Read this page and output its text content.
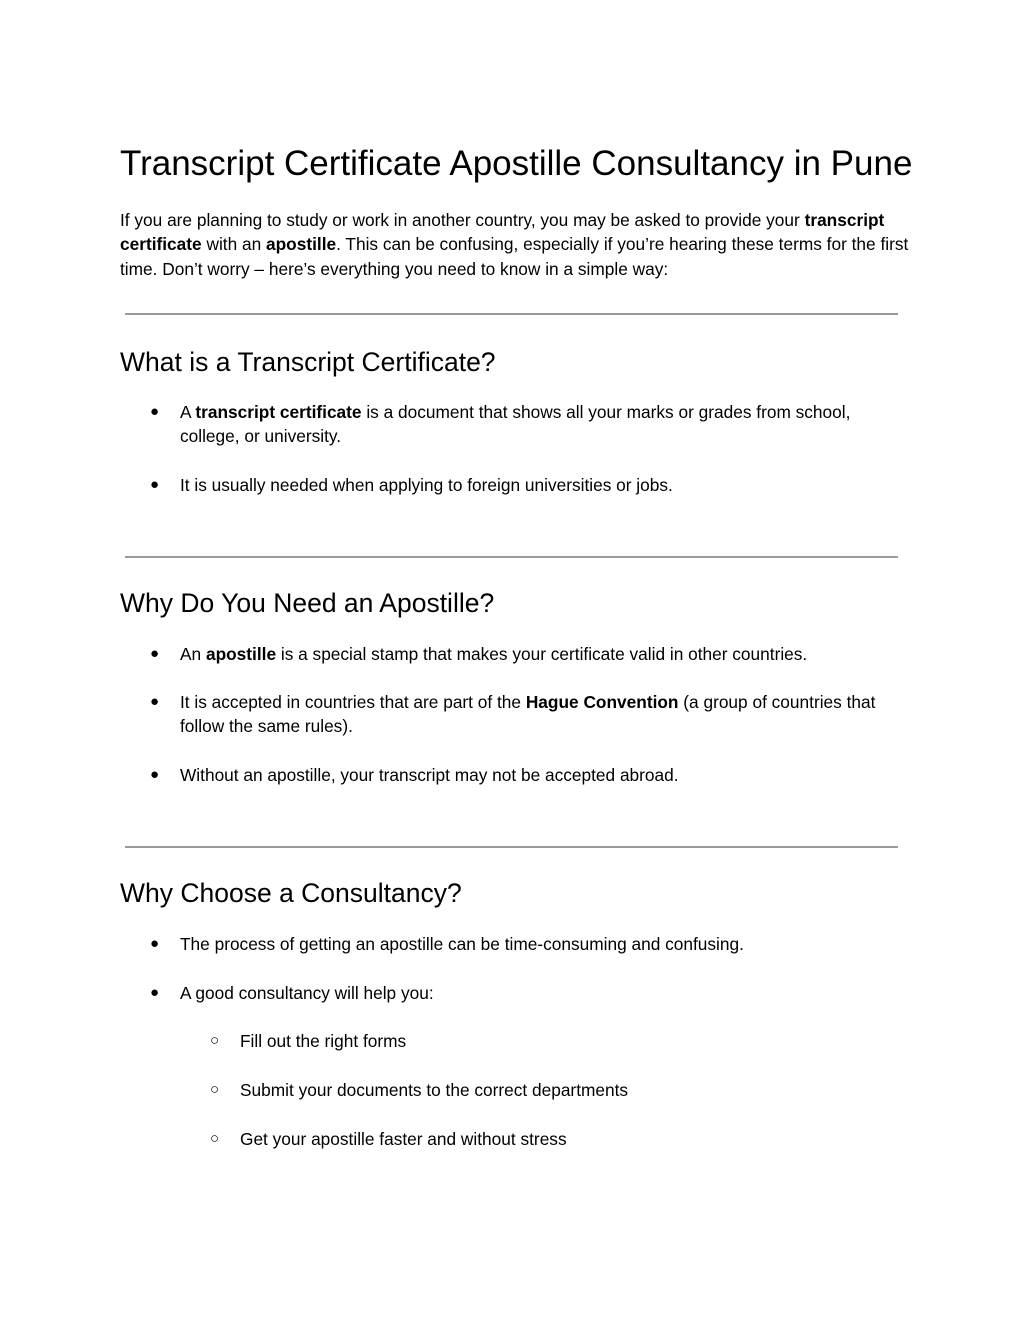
Transcript Certificate Apostille Consultancy in Pune

If you are planning to study or work in another country, you may be asked to provide your transcript certificate with an apostille. This can be confusing, especially if you’re hearing these terms for the first time. Don’t worry – here’s everything you need to know in a simple way:

What is a Transcript Certificate?
● A transcript certificate is a document that shows all your marks or grades from school, college, or university.
● It is usually needed when applying to foreign universities or jobs.
Why Do You Need an Apostille?
● An apostille is a special stamp that makes your certificate valid in other countries.
● It is accepted in countries that are part of the Hague Convention (a group of countries that follow the same rules).
● Without an apostille, your transcript may not be accepted abroad.
Why Choose a Consultancy?
● The process of getting an apostille can be time-consuming and confusing.
● A good consultancy will help you:
○ Fill out the right forms
○ Submit your documents to the correct departments
○ Get your apostille faster and without stress
